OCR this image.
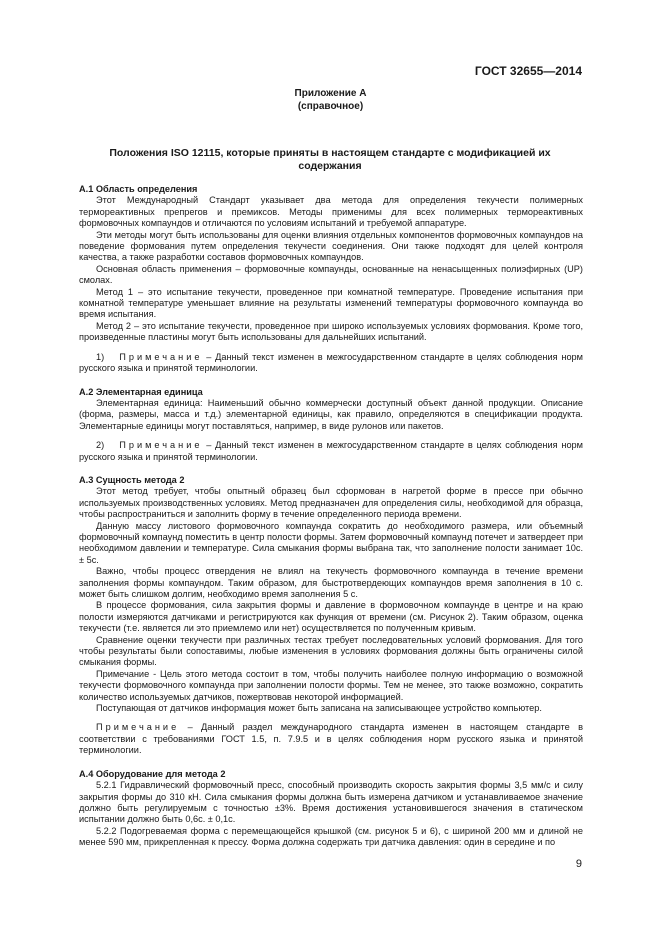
ГОСТ 32655—2014
Приложение А
(справочное)
Положения ISO 12115, которые приняты в настоящем стандарте с модификацией их содержания

А.1 Область определения

Этот Международный Стандарт указывает два метода для определения текучести полимерных термореактивных препрегов и премиксов. Методы применимы для всех полимерных термореактивных формовочных компаундов и отличаются по условиям испытаний и требуемой аппаратуре.

Эти методы могут быть использованы для оценки влияния отдельных компонентов формовочных компаундов на поведение формования путем определения текучести соединения. Они также подходят для целей контроля качества, а также разработки составов формовочных компаундов.

Основная область применения – формовочные компаунды, основанные на ненасыщенных полиэфирных (UP) смолах.

Метод 1 – это испытание текучести, проведенное при комнатной температуре. Проведение испытания при комнатной температуре уменьшает влияние на результаты изменений температуры формовочного компаунда во время испытания.

Метод 2 – это испытание текучести, проведенное при широко используемых условиях формования. Кроме того, произведенные пластины могут быть использованы для дальнейших испытаний.

1) Примечание – Данный текст изменен в межгосударственном стандарте в целях соблюдения норм русского языка и принятой терминологии.

А.2 Элементарная единица

Элементарная единица: Наименьший обычно коммерчески доступный объект данной продукции. Описание (форма, размеры, масса и т.д.) элементарной единицы, как правило, определяются в спецификации продукта. Элементарные единицы могут поставляться, например, в виде рулонов или пакетов.

2) Примечание – Данный текст изменен в межгосударственном стандарте в целях соблюдения норм русского языка и принятой терминологии.

А.3 Сущность метода 2

Этот метод требует, чтобы опытный образец был сформован в нагретой форме в прессе при обычно используемых производственных условиях. Метод предназначен для определения силы, необходимой для образца, чтобы распространиться и заполнить форму в течение определенного периода времени.

Данную массу листового формовочного компаунда сократить до необходимого размера, или объемный формовочный компаунд поместить в центр полости формы. Затем формовочный компаунд потечет и затвердеет при необходимом давлении и температуре. Сила смыкания формы выбрана так, что заполнение полости занимает 10с. ± 5с.

Важно, чтобы процесс отвердения не влиял на текучесть формовочного компаунда в течение времени заполнения формы компаундом. Таким образом, для быстротвердеющих компаундов время заполнения в 10 с. может быть слишком долгим, необходимо время заполнения 5 с.

В процессе формования, сила закрытия формы и давление в формовочном компаунде в центре и на краю полости измеряются датчиками и регистрируются как функция от времени (см. Рисунок 2). Таким образом, оценка текучести (т.е. является ли это приемлемо или нет) осуществляется по полученным кривым.

Сравнение оценки текучести при различных тестах требует последовательных условий формования. Для того чтобы результаты были сопоставимы, любые изменения в условиях формования должны быть ограничены силой смыкания формы.

Примечание - Цель этого метода состоит в том, чтобы получить наиболее полную информацию о возможной текучести формовочного компаунда при заполнении полости формы. Тем не менее, это также возможно, сократить количество используемых датчиков, пожертвовав некоторой информацией.

Поступающая от датчиков информация может быть записана на записывающее устройство компьютер.

Примечание – Данный раздел международного стандарта изменен в настоящем стандарте в соответствии с требованиями ГОСТ 1.5, п. 7.9.5 и в целях соблюдения норм русского языка и принятой терминологии.

А.4 Оборудование для метода 2

5.2.1 Гидравлический формовочный пресс, способный производить скорость закрытия формы 3,5 мм/с и силу закрытия формы до 310 кН. Сила смыкания формы должна быть измерена датчиком и устанавливаемое значение должно быть регулируемым с точностью ±3%. Время достижения установившегося значения в статическом испытании должно быть 0,6с. ± 0,1с.

5.2.2 Подогреваемая форма с перемещающейся крышкой (см. рисунок 5 и 6), с шириной 200 мм и длиной не менее 590 мм, прикрепленная к прессу. Форма должна содержать три датчика давления: один в середине и по

9
